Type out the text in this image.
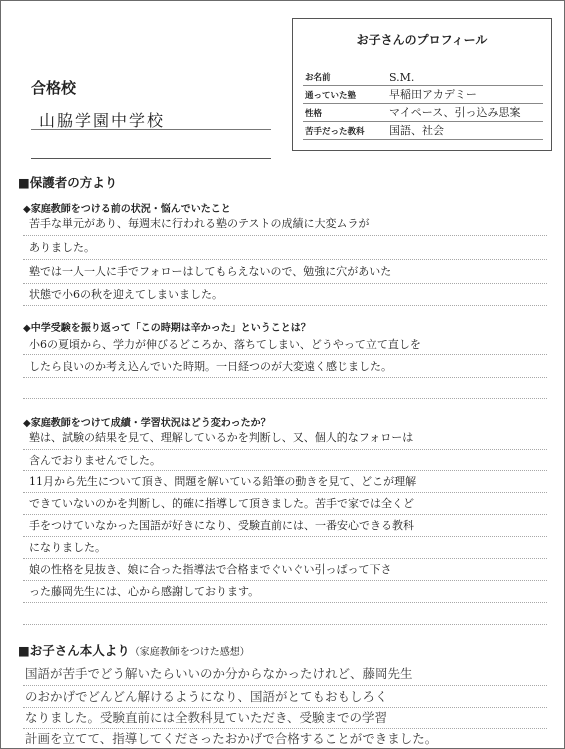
お子さんのプロフィール
お名前	S.M.
通っていた塾	早稲田アカデミー
性格	マイペース、引っ込み思案
苦手だった教科 国語、社会
合格校
山脇学園中学校
■保護者の方より
◆家庭教師をつける前の状況・悩んでいたこと
苦手な単元があり、毎週末に行われる塾のテストの成績に大変ムラが
ありました。
塾では一人一人に手でフォローはしてもらえないので、勉強に穴があいた
状態で小6の秋を迎えてしまいました。
◆中学受験を振り返って「この時期は辛かった」ということは？
小6の夏頃から、学力が伸びるどころか、落ちてしまい、どうやって立て直しを
したら良いのか考え込んでいた時期。一日経つのが大変遠く感じました。
◆家庭教師をつけて成績・学習状況はどう変わったか？
塾は、試験の結果を見て、理解しているかを判断し、又、個人的なフォローは
含んでおりませんでした。
11月から先生について頂き、問題を解いている鉛筆の動きを見て、どこが理解
できていないのかを判断し、的確に指導して頂きました。苦手で家では全くど
手をつけていなかった国語が好きになり、受験直前には、一番安心できる教科
になりました。
娘の性格を見抜き、娘に合った指導法で合格までぐいぐい引っぱって下さ
った藤岡先生には、心から感謝しております。
■お子さん本人より（家庭教師をつけた感想）
国語が苦手でどう解いたらいいのか分からなかったけれど、藤岡先生
のおかげでどんどん解けるようになり、国語がとてもおもしろく
なりました。受験直前には全教科見ていただき、受験までの学習
計画を立てて、指導してくださったおかげで合格することができました。
